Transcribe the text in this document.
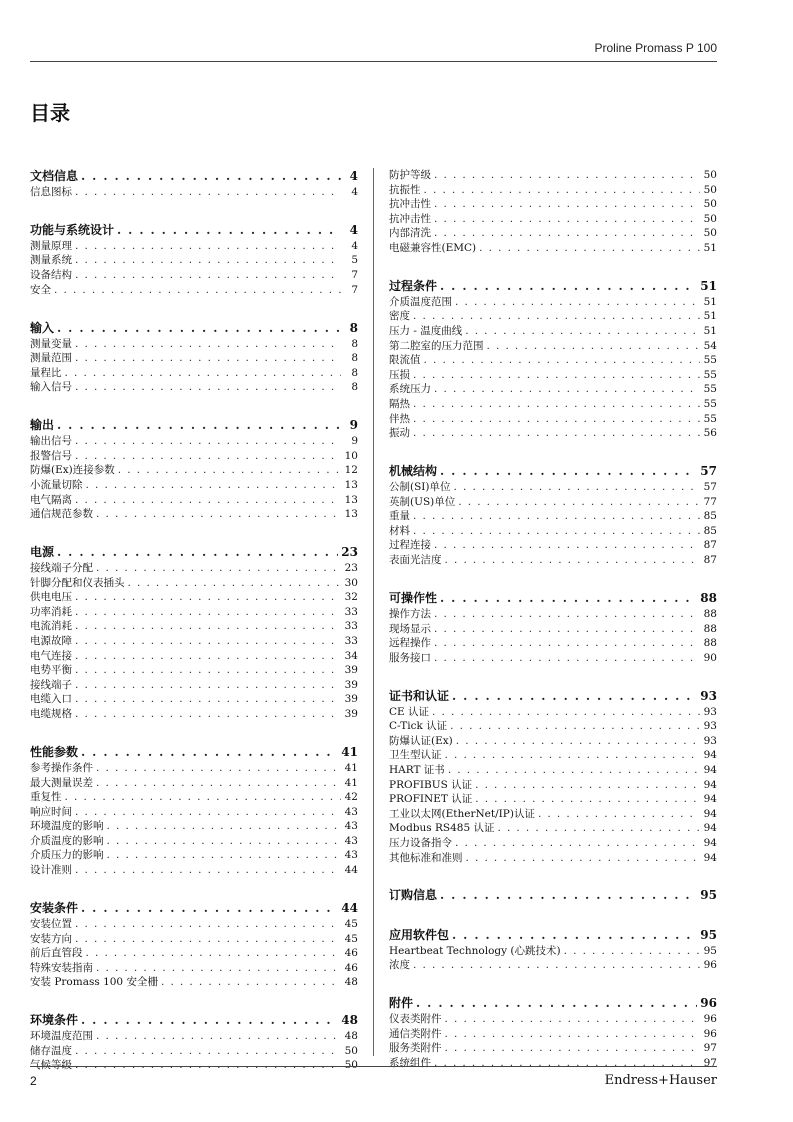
Proline Promass P 100
目录
文档信息 . . .	4
信息图标 . . .	4
功能与系统设计 . . .	4
测量原理 . . .	4
测量系统 . . .	5
设备结构 . . .	7
安全 . . .	7
输入 . . .	8
测量变量 . . .	8
测量范围 . . .	8
量程比 . . .	8
输入信号 . . .	8
输出 . . .	9
输出信号 . . .	9
报警信号 . . .	10
防爆(Ex)连接参数 . . .	12
小流量切除 . . .	13
电气隔离 . . .	13
通信规范参数 . . .	13
电源 . . .	23
接线端子分配 . . .	23
针脚分配和仪表插头 . . .	30
供电电压 . . .	32
功率消耗 . . .	33
电流消耗 . . .	33
电源故障 . . .	33
电气连接 . . .	34
电势平衡 . . .	39
接线端子 . . .	39
电缆入口 . . .	39
电缆规格 . . .	39
性能参数 . . .	41
参考操作条件 . . .	41
最大测量误差 . . .	41
重复性 . . .	42
响应时间 . . .	43
环境温度的影响 . . .	43
介质温度的影响 . . .	43
介质压力的影响 . . .	43
设计准则 . . .	44
安装条件 . . .	44
安装位置 . . .	45
安装方向 . . .	45
前后直管段 . . .	46
特殊安装指南 . . .	46
安装 Promass 100 安全栅 . . .	48
环境条件 . . .	48
环境温度范围 . . .	48
储存温度 . . .	50
气候等级 . . .	50
防护等级 . . .	50
抗振性 . . .	50
抗冲击性 . . .	50
抗冲击性 . . .	50
内部清洗 . . .	50
电磁兼容性(EMC) . . .	51
过程条件 . . .	51
介质温度范围 . . .	51
密度 . . .	51
压力 - 温度曲线 . . .	51
第二腔室的压力范围 . . .	54
限流值 . . .	55
压损 . . .	55
系统压力 . . .	55
隔热 . . .	55
伴热 . . .	55
振动 . . .	56
机械结构 . . .	57
公制(SI)单位 . . .	57
英制(US)单位 . . .	77
重量 . . .	85
材料 . . .	85
过程连接 . . .	87
表面光洁度 . . .	87
可操作性 . . .	88
操作方法 . . .	88
现场显示 . . .	88
远程操作 . . .	88
服务接口 . . .	90
证书和认证 . . .	93
CE 认证 . . .	93
C-Tick 认证 . . .	93
防爆认证(Ex) . . .	93
卫生型认证 . . .	94
HART 证书 . . .	94
PROFIBUS 认证 . . .	94
PROFINET 认证 . . .	94
工业以太网(EtherNet/IP)认证 . . .	94
Modbus RS485 认证 . . .	94
压力设备指令 . . .	94
其他标准和准则 . . .	94
订购信息 . . .	95
应用软件包 . . .	95
Heartbeat Technology (心跳技术) . . .	95
浓度 . . .	96
附件 . . .	96
仪表类附件 . . .	96
通信类附件 . . .	96
服务类附件 . . .	97
系统组件 . . .	97
2	Endress+Hauser
